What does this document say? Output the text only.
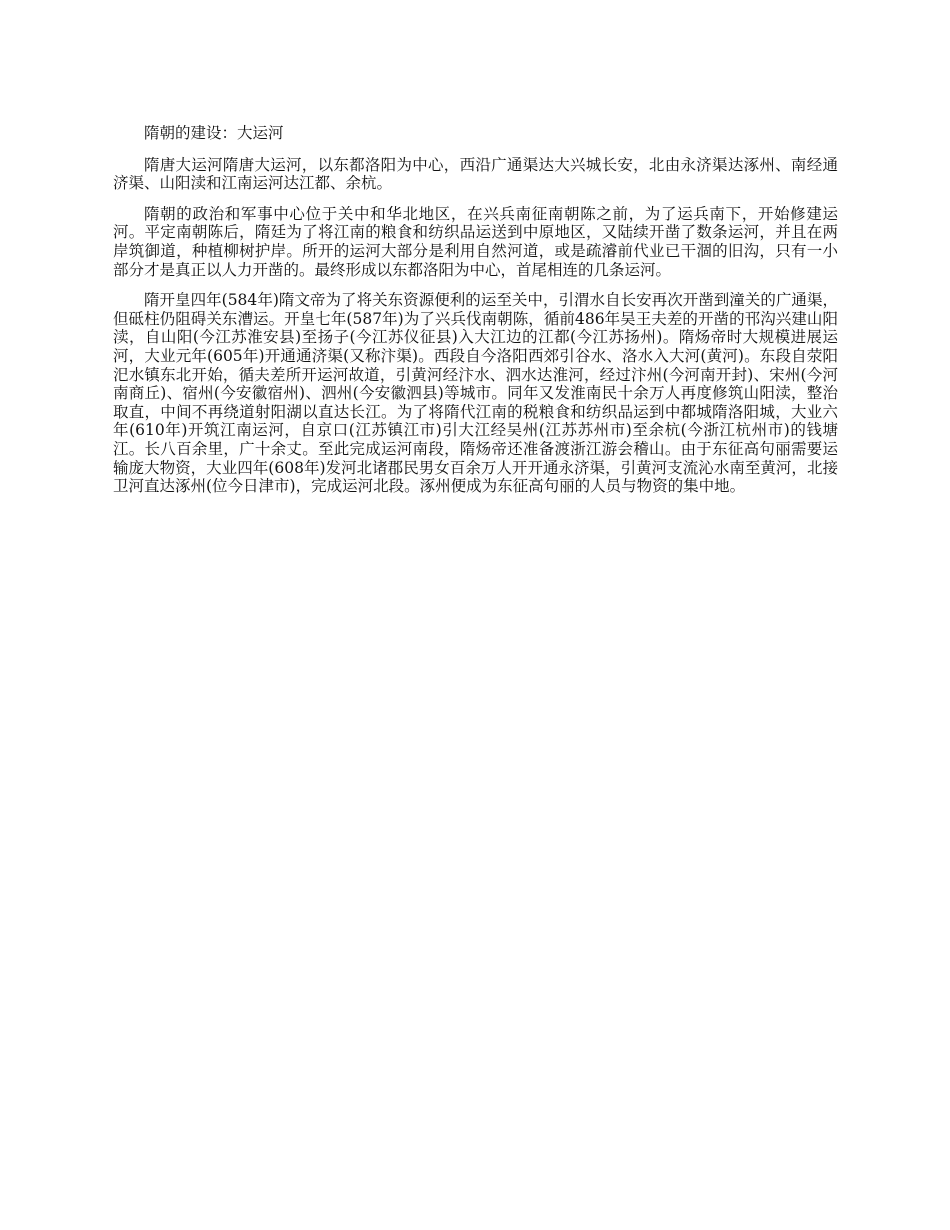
隋朝的建设：大运河

隋唐大运河隋唐大运河，以东都洛阳为中心，西沿广通渠达大兴城长安，北由永济渠达涿州、南经通济渠、山阳渎和江南运河达江都、余杭。

隋朝的政治和军事中心位于关中和华北地区，在兴兵南征南朝陈之前，为了运兵南下，开始修建运河。平定南朝陈后，隋廷为了将江南的粮食和纺织品运送到中原地区，又陆续开凿了数条运河，并且在两岸筑御道，种植柳树护岸。所开的运河大部分是利用自然河道，或是疏濬前代业已干涸的旧沟，只有一小部分才是真正以人力开凿的。最终形成以东都洛阳为中心，首尾相连的几条运河。

隋开皇四年(584年)隋文帝为了将关东资源便利的运至关中，引渭水自长安再次开凿到潼关的广通渠，但砥柱仍阻碍关东漕运。开皇七年(587年)为了兴兵伐南朝陈，循前486年吴王夫差的开凿的邗沟兴建山阳渎，自山阳(今江苏淮安县)至扬子(今江苏仪征县)入大江边的江都(今江苏扬州)。隋炀帝时大规模进展运河，大业元年(605年)开通通济渠(又称汴渠)。西段自今洛阳西郊引谷水、洛水入大河(黄河)。东段自荥阳汜水镇东北开始，循夫差所开运河故道，引黄河经汴水、泗水达淮河，经过汴州(今河南开封)、宋州(今河南商丘)、宿州(今安徽宿州)、泗州(今安徽泗县)等城市。同年又发淮南民十余万人再度修筑山阳渎，整治取直，中间不再绕道射阳湖以直达长江。为了将隋代江南的税粮食和纺织品运到中都城隋洛阳城，大业六年(610年)开筑江南运河，自京口(江苏镇江市)引大江经吴州(江苏苏州市)至余杭(今浙江杭州市)的钱塘江。长八百余里，广十余丈。至此完成运河南段，隋炀帝还准备渡浙江游会稽山。由于东征高句丽需要运输庞大物资，大业四年(608年)发河北诸郡民男女百余万人开开通永济渠，引黄河支流沁水南至黄河，北接卫河直达涿州(位今日津市)，完成运河北段。涿州便成为东征高句丽的人员与物资的集中地。
